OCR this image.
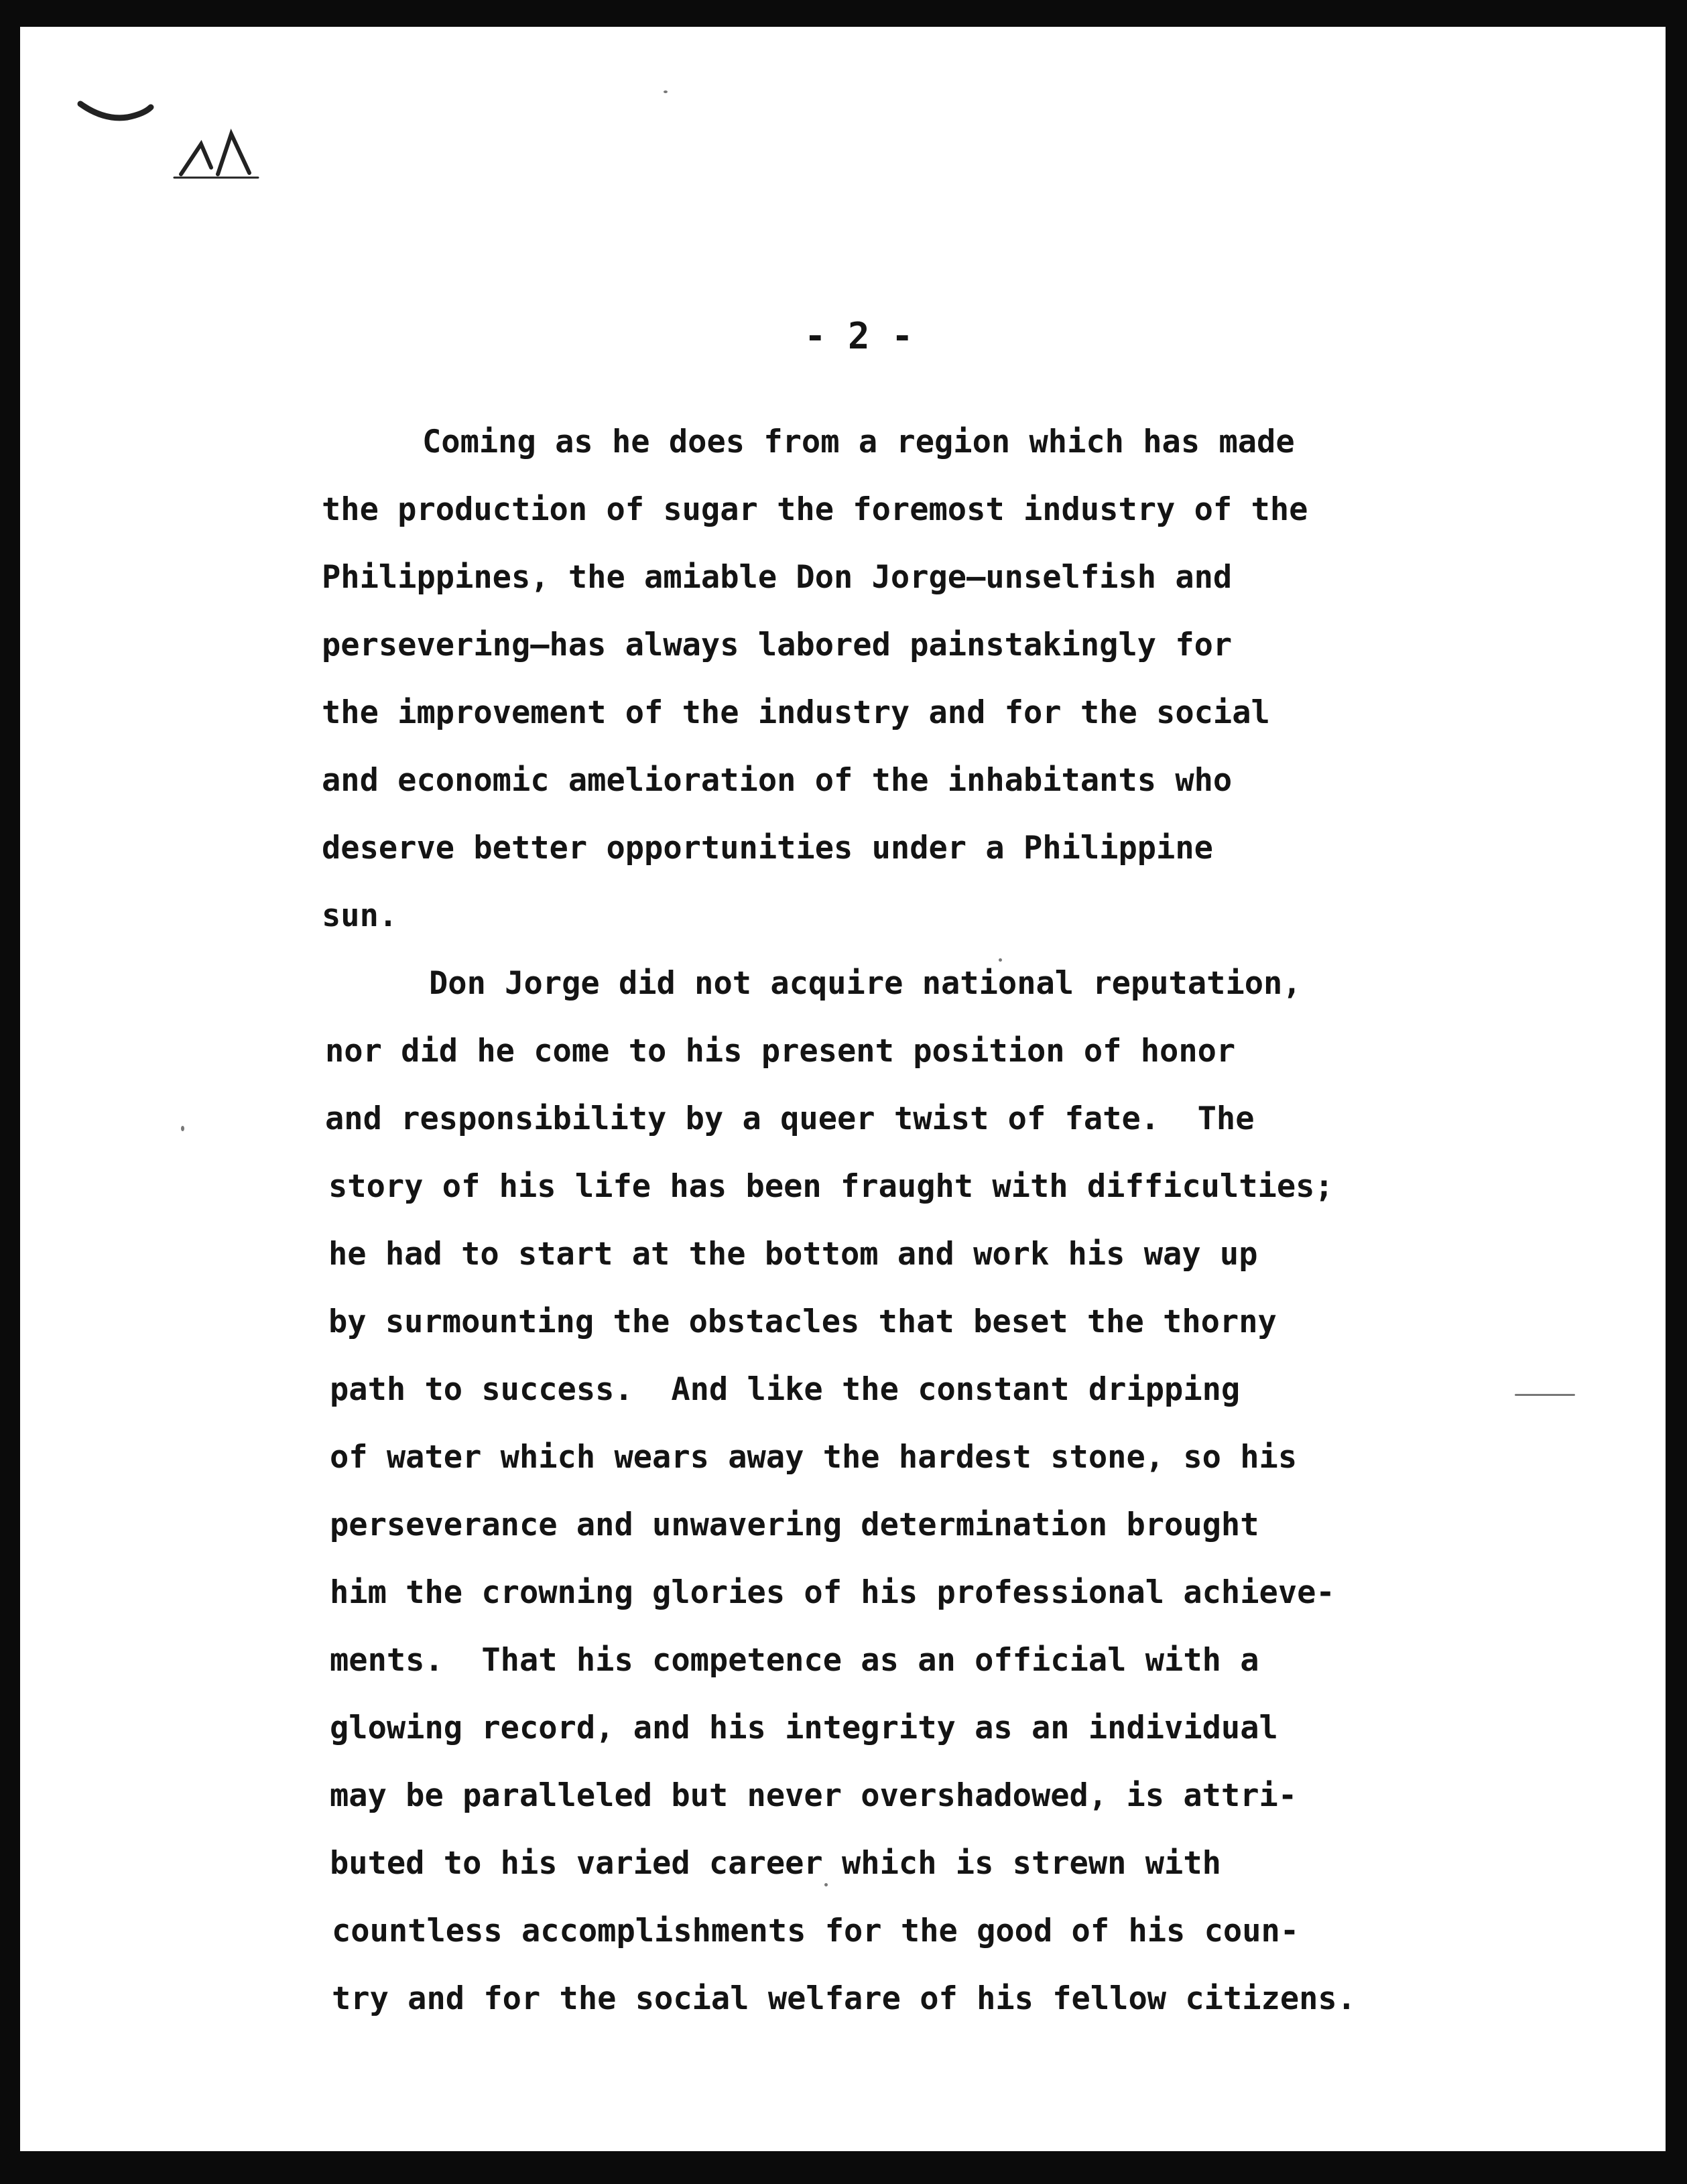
- 2 -
Coming as he does from a region which has made
the production of sugar the foremost industry of the
Philippines, the amiable Don Jorge—unselfish and
persevering—has always labored painstakingly for
the improvement of the industry and for the social
and economic amelioration of the inhabitants who
deserve better opportunities under a Philippine
sun.
Don Jorge did not acquire national reputation,
nor did he come to his present position of honor
and responsibility by a queer twist of fate.  The
story of his life has been fraught with difficulties;
he had to start at the bottom and work his way up
by surmounting the obstacles that beset the thorny
path to success.  And like the constant dripping
of water which wears away the hardest stone, so his
perseverance and unwavering determination brought
him the crowning glories of his professional achieve-
ments.  That his competence as an official with a
glowing record, and his integrity as an individual
may be paralleled but never overshadowed, is attri-
buted to his varied career which is strewn with
countless accomplishments for the good of his coun-
try and for the social welfare of his fellow citizens.
